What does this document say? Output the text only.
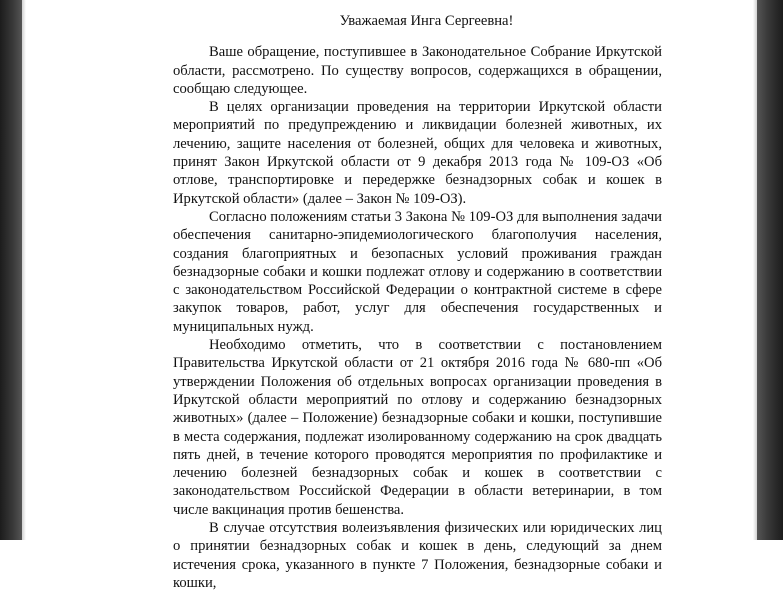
Уважаемая Инга Сергеевна!

Ваше обращение, поступившее в Законодательное Собрание Иркутской области, рассмотрено. По существу вопросов, содержащихся в обращении, сообщаю следующее.

В целях организации проведения на территории Иркутской области мероприятий по предупреждению и ликвидации болезней животных, их лечению, защите населения от болезней, общих для человека и животных, принят Закон Иркутской области от 9 декабря 2013 года № 109-ОЗ «Об отлове, транспортировке и передержке безнадзорных собак и кошек в Иркутской области» (далее – Закон № 109-ОЗ).

Согласно положениям статьи 3 Закона № 109-ОЗ для выполнения задачи обеспечения санитарно-эпидемиологического благополучия населения, создания благоприятных и безопасных условий проживания граждан безнадзорные собаки и кошки подлежат отлову и содержанию в соответствии с законодательством Российской Федерации о контрактной системе в сфере закупок товаров, работ, услуг для обеспечения государственных и муниципальных нужд.

Необходимо отметить, что в соответствии с постановлением Правительства Иркутской области от 21 октября 2016 года № 680-пп «Об утверждении Положения об отдельных вопросах организации проведения в Иркутской области мероприятий по отлову и содержанию безнадзорных животных» (далее – Положение) безнадзорные собаки и кошки, поступившие в места содержания, подлежат изолированному содержанию на срок двадцать пять дней, в течение которого проводятся мероприятия по профилактике и лечению болезней безнадзорных собак и кошек в соответствии с законодательством Российской Федерации в области ветеринарии, в том числе вакцинация против бешенства.

В случае отсутствия волеизъявления физических или юридических лиц о принятии безнадзорных собак и кошек в день, следующий за днем истечения срока, указанного в пункте 7 Положения, безнадзорные собаки и кошки,
